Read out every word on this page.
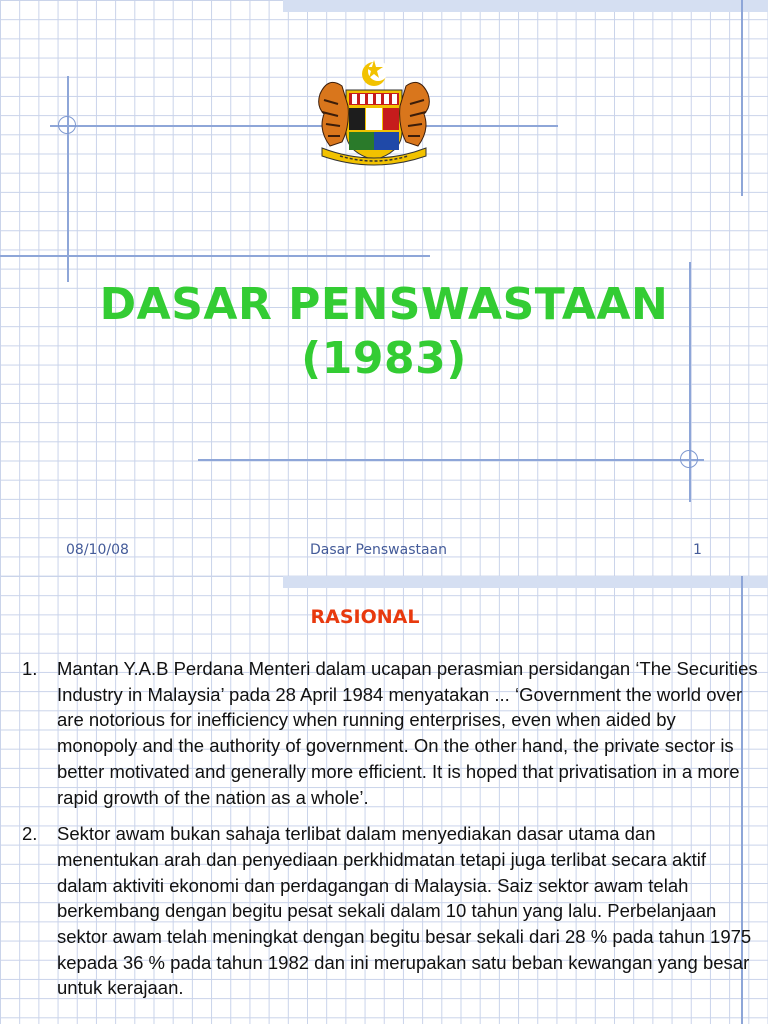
DASAR PENSWASTAAN
(1983)
08/10/08	Dasar Penswastaan	1
RASIONAL
1. Mantan Y.A.B Perdana Menteri dalam ucapan perasmian persidangan ‘The Securities Industry in Malaysia’ pada 28 April 1984 menyatakan ... ‘Government the world over are notorious for inefficiency when running enterprises, even when aided by monopoly and the authority of government. On the other hand, the private sector is better motivated and generally more efficient. It is hoped that privatisation in a more rapid growth of the nation as a whole’.
2. Sektor awam bukan sahaja terlibat dalam menyediakan dasar utama dan menentukan arah dan penyediaan perkhidmatan tetapi juga terlibat secara aktif dalam aktiviti ekonomi dan perdagangan di Malaysia. Saiz sektor awam telah berkembang dengan begitu pesat sekali dalam 10 tahun yang lalu. Perbelanjaan sektor awam telah meningkat dengan begitu besar sekali dari 28 % pada tahun 1975 kepada 36 % pada tahun 1982 dan ini merupakan satu beban kewangan yang besar untuk kerajaan.
